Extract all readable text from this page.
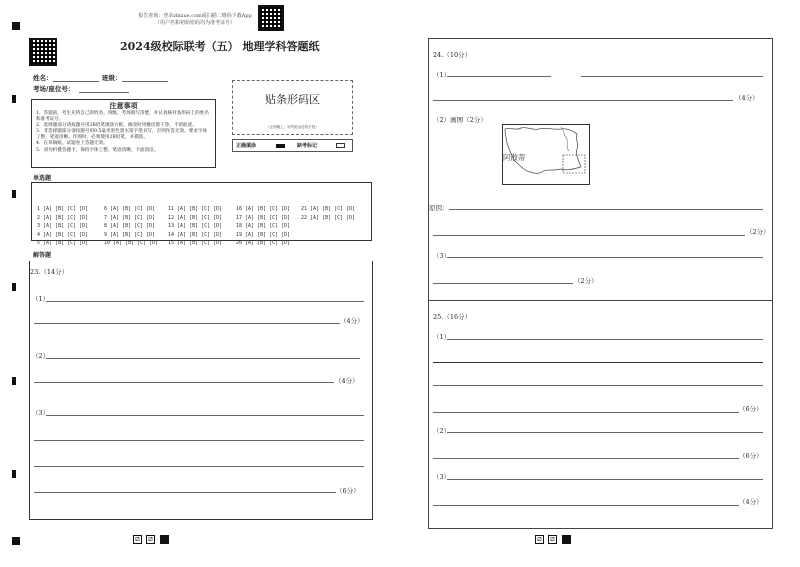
报告查询：登录zhixue.com或扫描二维码下载App
（用户名和初始密码均为准考证号）
2024级校际联考（五） 地理学科答题纸
姓名：	班级：
考场/座位号：
注意事项
1．答题前，考生先将自己的姓名、班级、考场填写清楚，并认真核对条形码上的姓名和准考证号。
2．选择题部分请按题号用2B铅笔填涂方框，修改时用橡皮擦干净，不留痕迹。
3．非选择题部分请按题号用0.5毫米黑色墨水签字笔书写，否则作答无效。要求字体工整、笔迹清晰。作图时，必须使用2B铅笔，并描浓。
4．在草稿纸、试题卷上答题无效。
5．请勿折叠答题卡，保持字体工整、笔迹清晰、卡面清洁。
贴条形码区
（正面朝上，切勿贴出虚线方框）
正确填涂	缺考标记
单选题

1 [A] [B] [C] [D]
2 [A] [B] [C] [D]
3 [A] [B] [C] [D]
4 [A] [B] [C] [D]
5 [A] [B] [C] [D]

6 [A] [B] [C] [D]
7 [A] [B] [C] [D]
8 [A] [B] [C] [D]
9 [A] [B] [C] [D]
10 [A] [B] [C] [D]

11 [A] [B] [C] [D]
12 [A] [B] [C] [D]
13 [A] [B] [C] [D]
14 [A] [B] [C] [D]
15 [A] [B] [C] [D]

16 [A] [B] [C] [D]
17 [A] [B] [C] [D]
18 [A] [B] [C] [D]
19 [A] [B] [C] [D]
20 [A] [B] [C] [D]

21 [A] [B] [C] [D]
22 [A] [B] [C] [D]

解答题
23.（14分）
（1）
（4分）
（2）
（4分）
（3）
（6分）
⧄	⧄
24.（10分）
（1）
（4分）
（2）画图（2分）
阿散蒂
原因：
（2分）
（3）
（2分）
25.（16分）
（1）
（6分）
（2）
（6分）
（3）
（4分）
⧄	⧄
